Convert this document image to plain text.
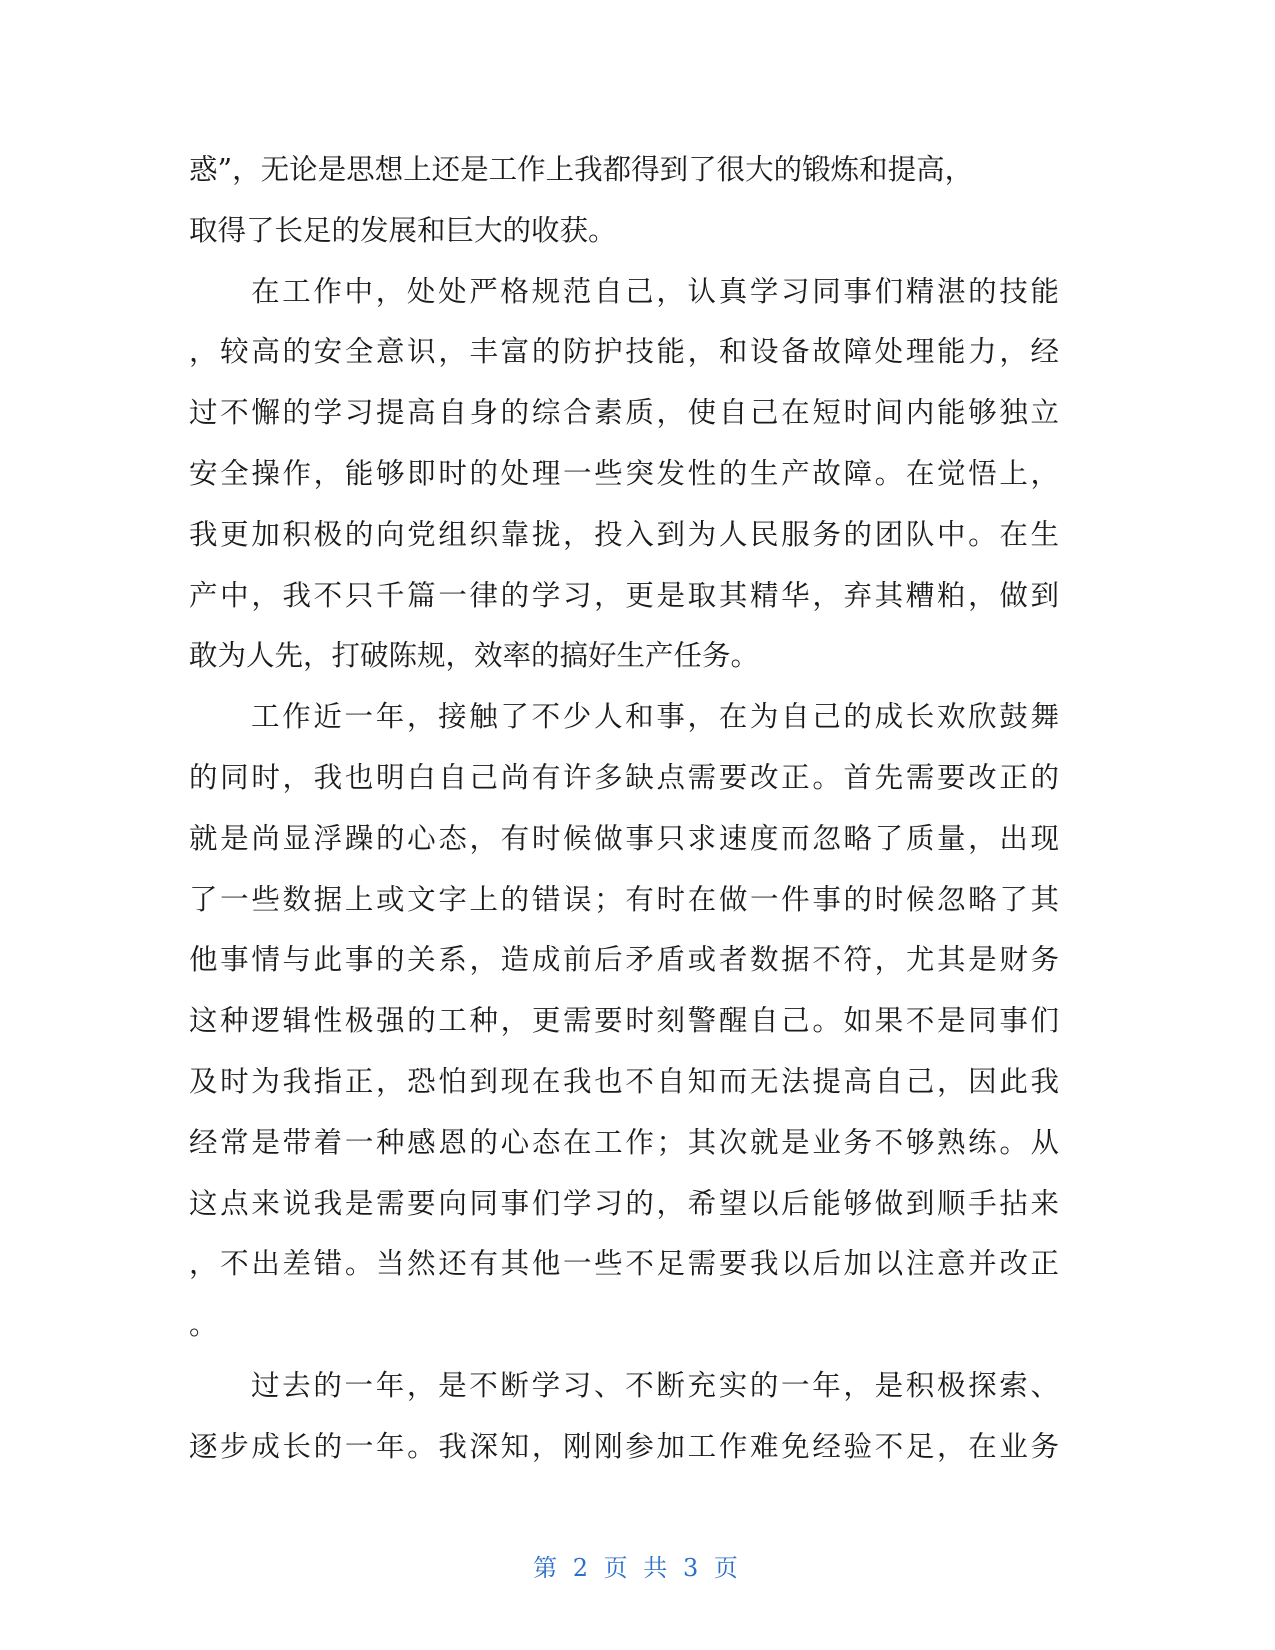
惑”，无论是思想上还是工作上我都得到了很大的锻炼和提高，
取得了长足的发展和巨大的收获。
在工作中，处处严格规范自己，认真学习同事们精湛的技能
，较高的安全意识，丰富的防护技能，和设备故障处理能力，经
过不懈的学习提高自身的综合素质，使自己在短时间内能够独立
安全操作，能够即时的处理一些突发性的生产故障。在觉悟上，
我更加积极的向党组织靠拢，投入到为人民服务的团队中。在生
产中，我不只千篇一律的学习，更是取其精华，弃其糟粕，做到
敢为人先，打破陈规，效率的搞好生产任务。
工作近一年，接触了不少人和事，在为自己的成长欢欣鼓舞
的同时，我也明白自己尚有许多缺点需要改正。首先需要改正的
就是尚显浮躁的心态，有时候做事只求速度而忽略了质量，出现
了一些数据上或文字上的错误；有时在做一件事的时候忽略了其
他事情与此事的关系，造成前后矛盾或者数据不符，尤其是财务
这种逻辑性极强的工种，更需要时刻警醒自己。如果不是同事们
及时为我指正，恐怕到现在我也不自知而无法提高自己，因此我
经常是带着一种感恩的心态在工作；其次就是业务不够熟练。从
这点来说我是需要向同事们学习的，希望以后能够做到顺手拈来
，不出差错。当然还有其他一些不足需要我以后加以注意并改正
。
过去的一年，是不断学习、不断充实的一年，是积极探索、
逐步成长的一年。我深知，刚刚参加工作难免经验不足，在业务
第 2 页 共 3 页
